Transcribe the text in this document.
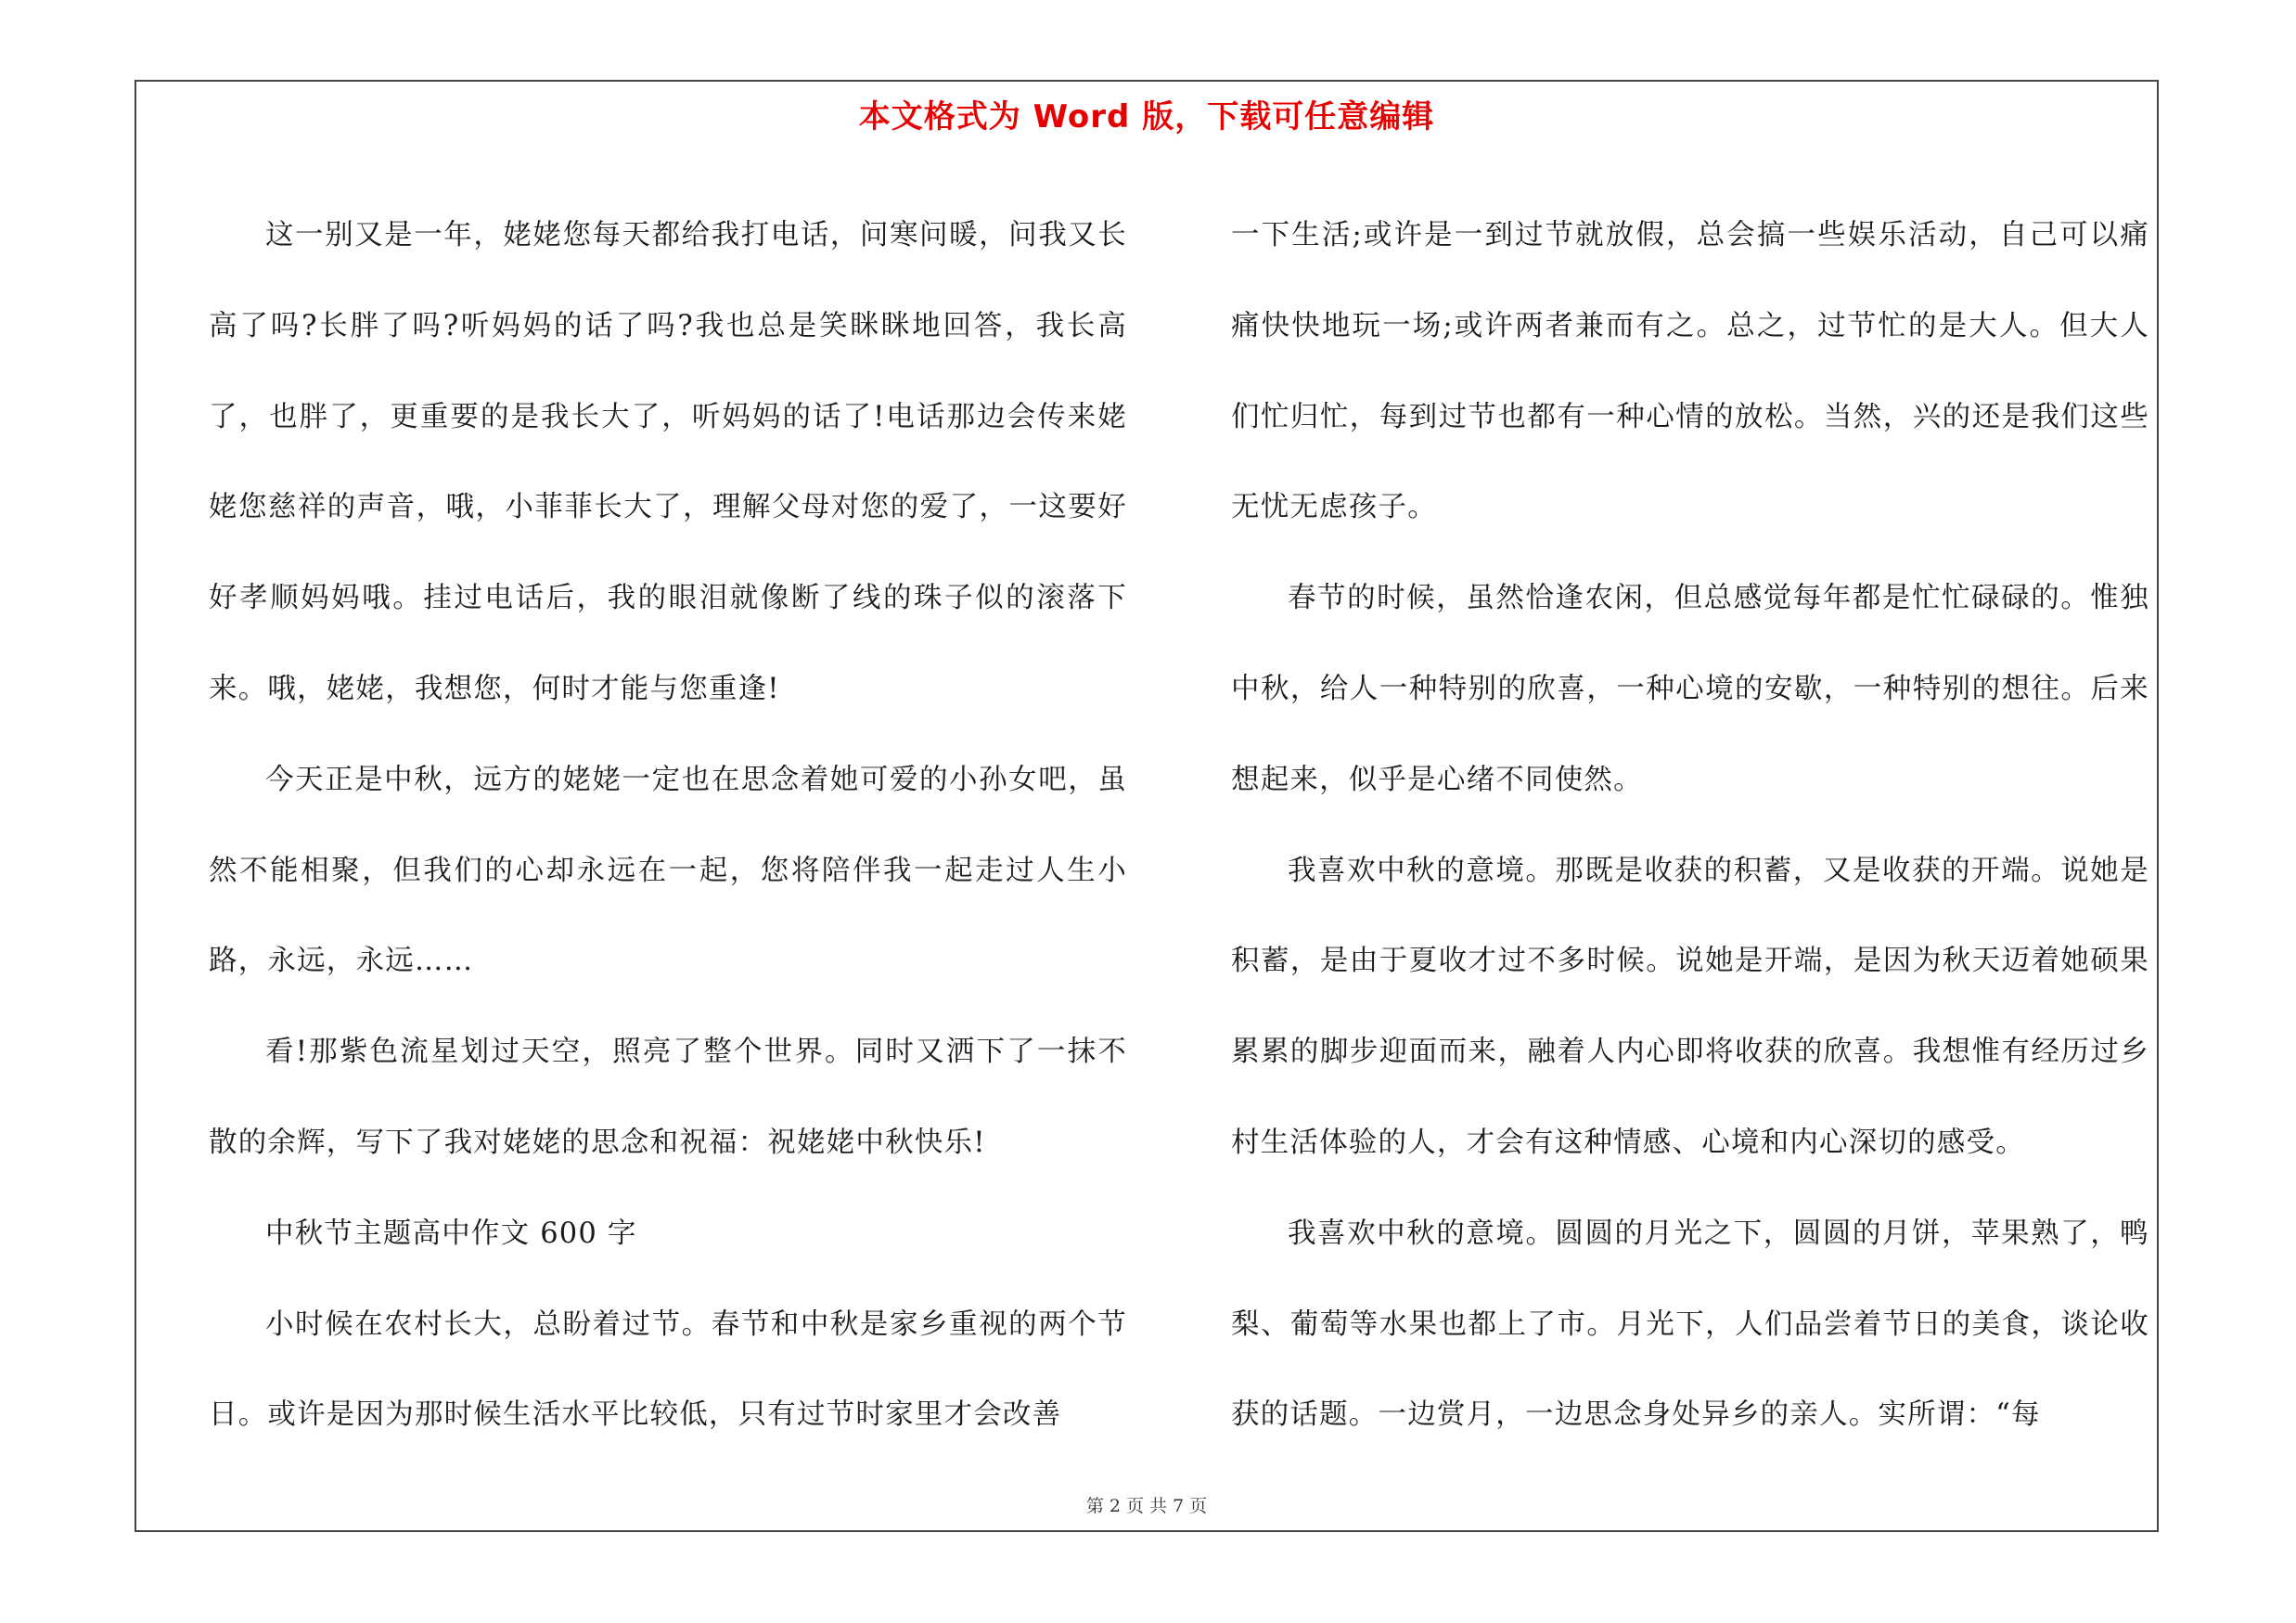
本文格式为 Word 版，下载可任意编辑

这一别又是一年，姥姥您每天都给我打电话，问寒问暖，问我又长高了吗?长胖了吗?听妈妈的话了吗?我也总是笑眯眯地回答，我长高了，也胖了，更重要的是我长大了，听妈妈的话了!电话那边会传来姥姥您慈祥的声音，哦，小菲菲长大了，理解父母对您的爱了，一这要好好孝顺妈妈哦。挂过电话后，我的眼泪就像断了线的珠子似的滚落下来。哦，姥姥，我想您，何时才能与您重逢!

今天正是中秋，远方的姥姥一定也在思念着她可爱的小孙女吧，虽然不能相聚，但我们的心却永远在一起，您将陪伴我一起走过人生小路，永远，永远……

看!那紫色流星划过天空，照亮了整个世界。同时又洒下了一抹不散的余辉，写下了我对姥姥的思念和祝福：祝姥姥中秋快乐!

中秋节主题高中作文 600 字

小时候在农村长大，总盼着过节。春节和中秋是家乡重视的两个节日。或许是因为那时候生活水平比较低，只有过节时家里才会改善

一下生活;或许是一到过节就放假，总会搞一些娱乐活动，自己可以痛痛快快地玩一场;或许两者兼而有之。总之，过节忙的是大人。但大人们忙归忙，每到过节也都有一种心情的放松。当然，兴的还是我们这些无忧无虑孩子。

春节的时候，虽然恰逢农闲，但总感觉每年都是忙忙碌碌的。惟独中秋，给人一种特别的欣喜，一种心境的安歇，一种特别的想往。后来想起来，似乎是心绪不同使然。

我喜欢中秋的意境。那既是收获的积蓄，又是收获的开端。说她是积蓄，是由于夏收才过不多时候。说她是开端，是因为秋天迈着她硕果累累的脚步迎面而来，融着人内心即将收获的欣喜。我想惟有经历过乡村生活体验的人，才会有这种情感、心境和内心深切的感受。

我喜欢中秋的意境。圆圆的月光之下，圆圆的月饼，苹果熟了，鸭梨、葡萄等水果也都上了市。月光下，人们品尝着节日的美食，谈论收获的话题。一边赏月，一边思念身处异乡的亲人。实所谓：“每

第 2 页 共 7 页
